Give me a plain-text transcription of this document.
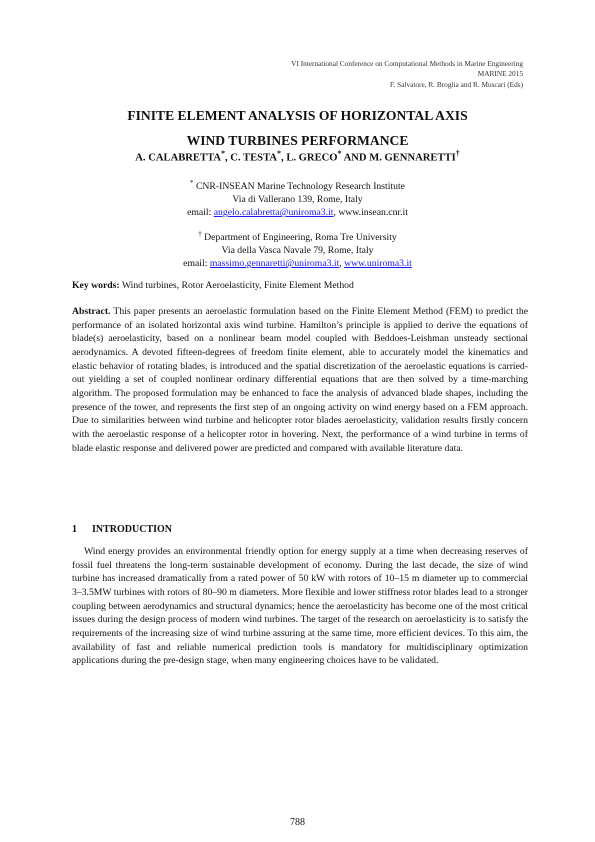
VI International Conference on Computational Methods in Marine Engineering
MARINE 2015
F. Salvatore, R. Broglia and R. Muscari (Eds)
FINITE ELEMENT ANALYSIS OF HORIZONTAL AXIS
WIND TURBINES PERFORMANCE
A. CALABRETTA*, C. TESTA*, L. GRECO* AND M. GENNARETTI†
* CNR-INSEAN Marine Technology Research Institute
Via di Vallerano 139, Rome, Italy
email: angelo.calabretta@uniroma3.it, www.insean.cnr.it
† Department of Engineering, Roma Tre University
Via della Vasca Navale 79, Rome, Italy
email: massimo.gennaretti@uniroma3.it, www.uniroma3.it
Key words: Wind turbines, Rotor Aeroelasticity, Finite Element Method
Abstract. This paper presents an aeroelastic formulation based on the Finite Element Method (FEM) to predict the performance of an isolated horizontal axis wind turbine. Hamilton’s principle is applied to derive the equations of blade(s) aeroelasticity, based on a nonlinear beam model coupled with Beddoes-Leishman unsteady sectional aerodynamics. A devoted fifteen-degrees of freedom finite element, able to accurately model the kinematics and elastic behavior of rotating blades, is introduced and the spatial discretization of the aeroelastic equations is carried-out yielding a set of coupled nonlinear ordinary differential equations that are then solved by a time-marching algorithm. The proposed formulation may be enhanced to face the analysis of advanced blade shapes, including the presence of the tower, and represents the first step of an ongoing activity on wind energy based on a FEM approach. Due to similarities between wind turbine and helicopter rotor blades aeroelasticity, validation results firstly concern with the aeroelastic response of a helicopter rotor in hovering. Next, the performance of a wind turbine in terms of blade elastic response and delivered power are predicted and compared with available literature data.
1 INTRODUCTION
Wind energy provides an environmental friendly option for energy supply at a time when decreasing reserves of fossil fuel threatens the long-term sustainable development of economy. During the last decade, the size of wind turbine has increased dramatically from a rated power of 50 kW with rotors of 10–15 m diameter up to commercial 3–3.5MW turbines with rotors of 80–90 m diameters. More flexible and lower stiffness rotor blades lead to a stronger coupling between aerodynamics and structural dynamics; hence the aeroelasticity has become one of the most critical issues during the design process of modern wind turbines. The target of the research on aeroelasticity is to satisfy the requirements of the increasing size of wind turbine assuring at the same time, more efficient devices. To this aim, the availability of fast and reliable numerical prediction tools is mandatory for multidisciplinary optimization applications during the pre-design stage, when many engineering choices have to be validated.
788
